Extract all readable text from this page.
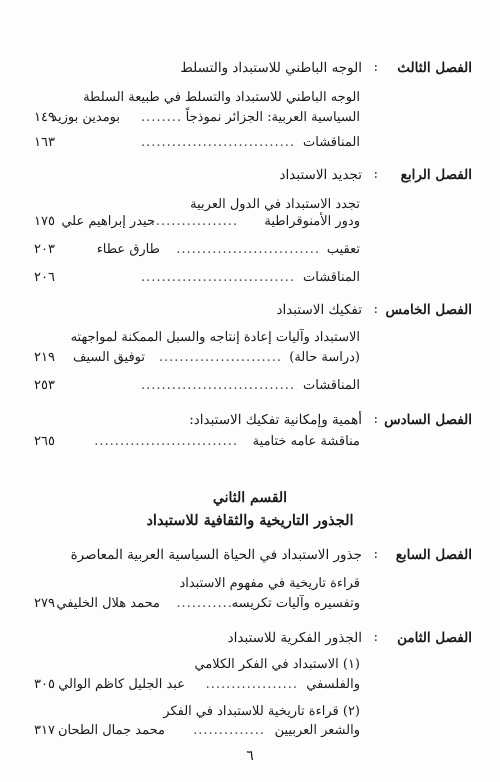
الفصل الثالث
:
الوجه الباطني للاستبداد والتسلط
الوجه الباطني للاستبداد والتسلط في طبيعة السلطة
السياسية العربية: الجزائر نموذجاً
........
بومدين بوزيد
١٤٩
المناقشات
..............................
١٦٣
الفصل الرابع
:
تجديد الاستبداد
تجدد الاستبداد في الدول العربية
ودور الأمنوقراطية
..................
حيدر إبراهيم علي
١٧٥
تعقيب
............................
طارق عطاء
٢٠٣
المناقشات
..............................
٢٠٦
الفصل الخامس
:
تفكيك الاستبداد
الاستبداد وآليات إعادة إنتاجه والسبل الممكنة لمواجهته
(دراسة حالة)
........................
توفيق السيف
٢١٩
المناقشات
..............................
٢٥٣
الفصل السادس
:
أهمية وإمكانية تفكيك الاستبداد:
مناقشة عامه ختامية
............................
٢٦٥
القسم الثاني
الجذور التاريخية والثقافية للاستبداد
الفصل السابع
:
جذور الاستبداد في الحياة السياسية العربية المعاصرة
قراءة تاريخية في مفهوم الاستبداد
وتفسيره وآليات تكريسه
............
محمد هلال الخليفي
٢٧٩
الفصل الثامن
:
الجذور الفكرية للاستبداد
(١) الاستبداد في الفكر الكلامي
والفلسفي
..................
عبد الجليل كاظم الوالي
٣٠٥
(٢) قراءة تاريخية للاستبداد في الفكر
والشعر العربيين
..............
محمد جمال الطحان
٣١٧
٦
